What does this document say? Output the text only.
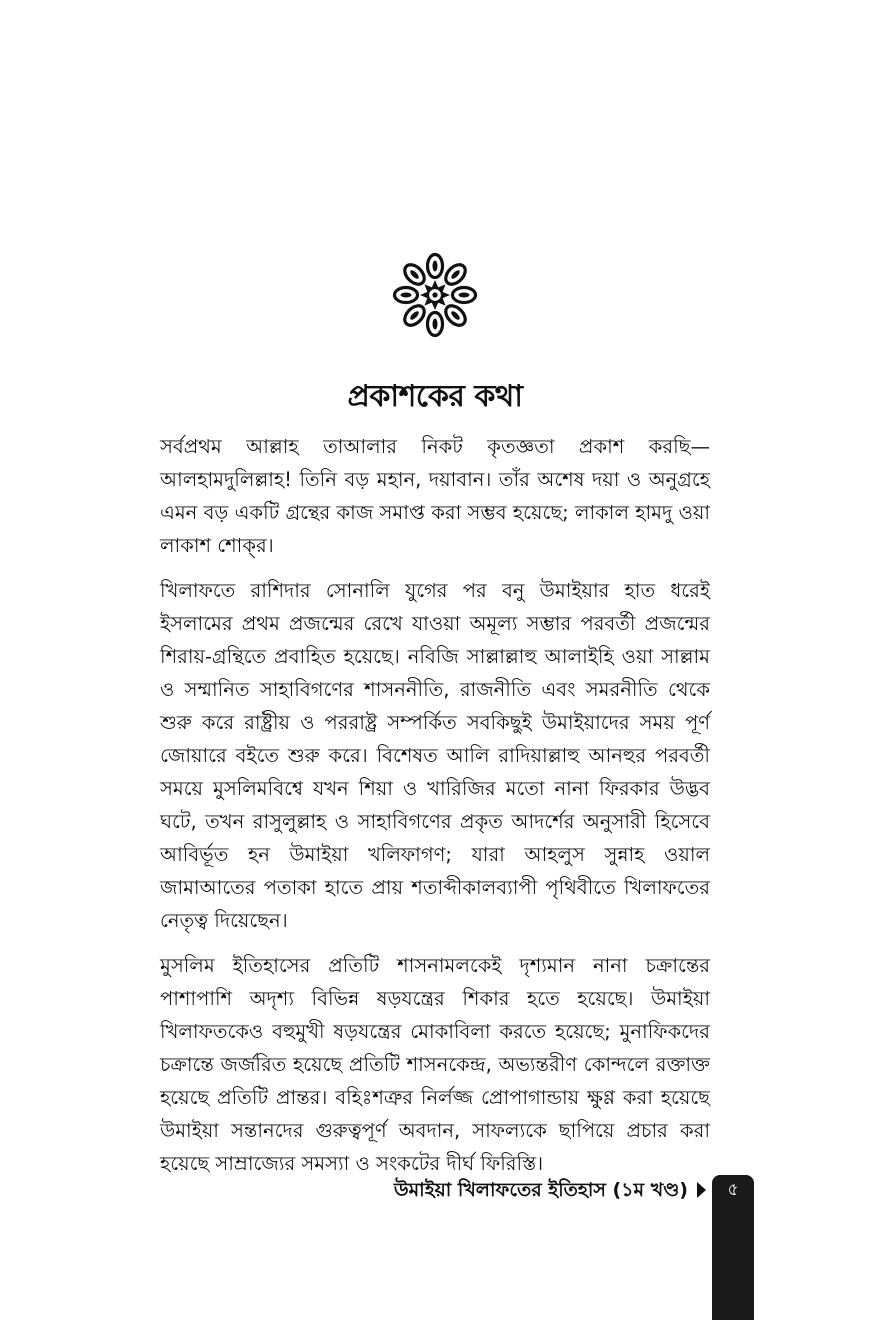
প্রকাশকের কথা

সর্বপ্রথম আল্লাহ তাআলার নিকট কৃতজ্ঞতা প্রকাশ করছি—আলহামদুলিল্লাহ! তিনি বড় মহান, দয়াবান। তাঁর অশেষ দয়া ও অনুগ্রহে এমন বড় একটি গ্রন্থের কাজ সমাপ্ত করা সম্ভব হয়েছে; লাকাল হামদু ওয়া লাকাশ শোক্‌র।

খিলাফতে রাশিদার সোনালি যুগের পর বনু উমাইয়ার হাত ধরেই ইসলামের প্রথম প্রজন্মের রেখে যাওয়া অমূল্য সম্ভার পরবর্তী প্রজন্মের শিরায়-গ্রন্থিতে প্রবাহিত হয়েছে। নবিজি সাল্লাল্লাহু আলাইহি ওয়া সাল্লাম ও সম্মানিত সাহাবিগণের শাসননীতি, রাজনীতি এবং সমরনীতি থেকে শুরু করে রাষ্ট্রীয় ও পররাষ্ট্র সম্পর্কিত সবকিছুই উমাইয়াদের সময় পূর্ণ জোয়ারে বইতে শুরু করে। বিশেষত আলি রাদিয়াল্লাহু আনহুর পরবর্তী সময়ে মুসলিমবিশ্বে যখন শিয়া ও খারিজির মতো নানা ফিরকার উদ্ভব ঘটে, তখন রাসুলুল্লাহ ও সাহাবিগণের প্রকৃত আদর্শের অনুসারী হিসেবে আবির্ভূত হন উমাইয়া খলিফাগণ; যারা আহলুস সুন্নাহ ওয়াল জামাআতের পতাকা হাতে প্রায় শতাব্দীকালব্যাপী পৃথিবীতে খিলাফতের নেতৃত্ব দিয়েছেন।

মুসলিম ইতিহাসের প্রতিটি শাসনামলকেই দৃশ্যমান নানা চক্রান্তের পাশাপাশি অদৃশ্য বিভিন্ন ষড়যন্ত্রের শিকার হতে হয়েছে। উমাইয়া খিলাফতকেও বহুমুখী ষড়যন্ত্রের মোকাবিলা করতে হয়েছে; মুনাফিকদের চক্রান্তে জর্জরিত হয়েছে প্রতিটি শাসনকেন্দ্র, অভ্যন্তরীণ কোন্দলে রক্তাক্ত হয়েছে প্রতিটি প্রান্তর। বহিঃশত্রুর নির্লজ্জ প্রোপাগান্ডায় ক্ষুণ্ণ করা হয়েছে উমাইয়া সন্তানদের গুরুত্বপূর্ণ অবদান, সাফল্যকে ছাপিয়ে প্রচার করা হয়েছে সাম্রাজ্যের সমস্যা ও সংকটের দীর্ঘ ফিরিস্তি।

উমাইয়া খিলাফতের ইতিহাস (১ম খণ্ড)	৫
